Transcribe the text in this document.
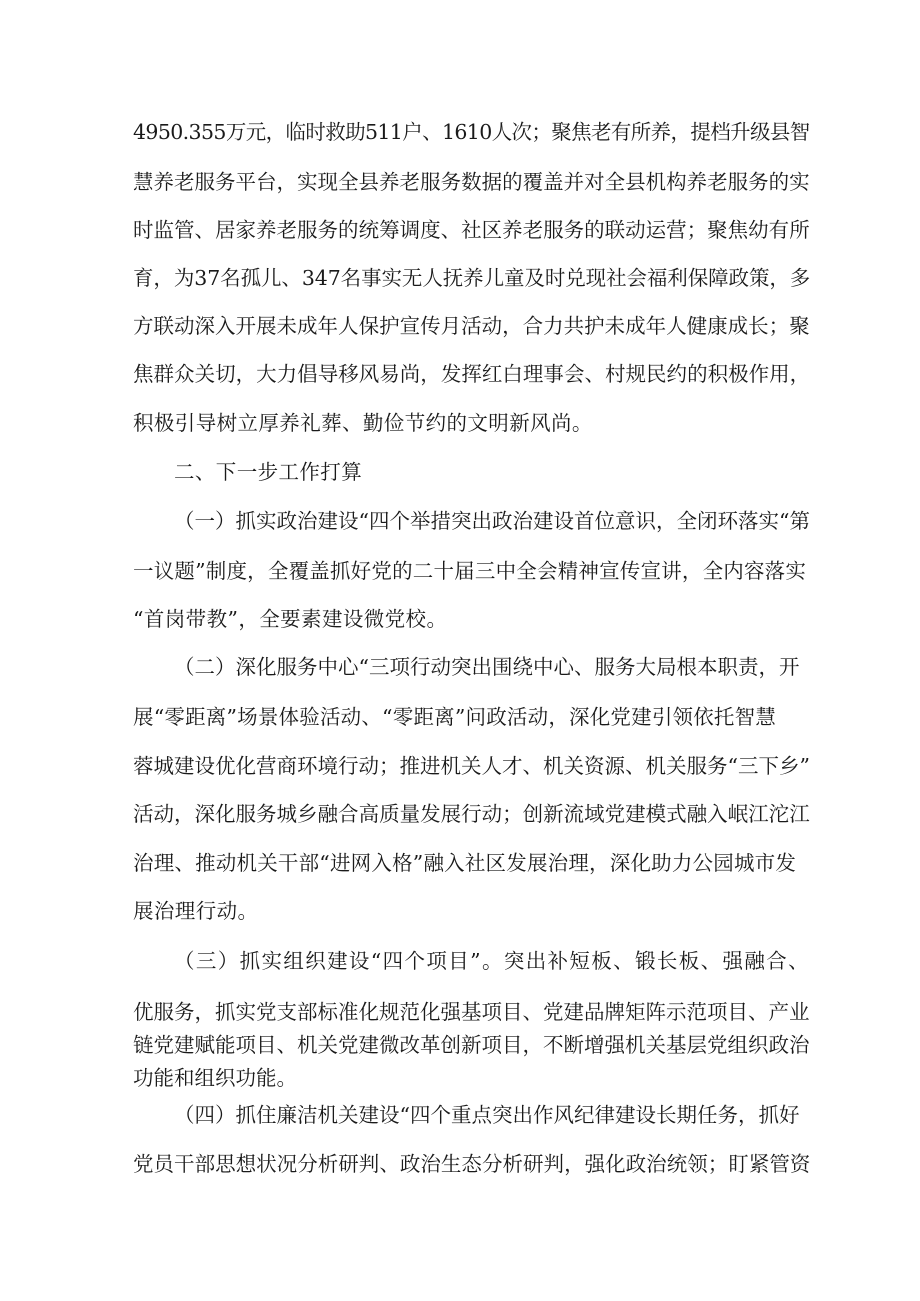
4950.355万元，临时救助511户、1610人次；聚焦老有所养，提档升级县智
慧养老服务平台，实现全县养老服务数据的覆盖并对全县机构养老服务的实
时监管、居家养老服务的统筹调度、社区养老服务的联动运营；聚焦幼有所
育，为37名孤儿、347名事实无人抚养儿童及时兑现社会福利保障政策，多
方联动深入开展未成年人保护宣传月活动，合力共护未成年人健康成长；聚
焦群众关切，大力倡导移风易尚，发挥红白理事会、村规民约的积极作用，
积极引导树立厚养礼葬、勤俭节约的文明新风尚。
二、下一步工作打算
（一）抓实政治建设“四个举措突出政治建设首位意识，全闭环落实“第
一议题”制度，全覆盖抓好党的二十届三中全会精神宣传宣讲，全内容落实
“首岗带教”，全要素建设微党校。
（二）深化服务中心“三项行动突出围绕中心、服务大局根本职责，开
展“零距离”场景体验活动、“零距离”问政活动，深化党建引领依托智慧
蓉城建设优化营商环境行动；推进机关人才、机关资源、机关服务“三下乡”
活动，深化服务城乡融合高质量发展行动；创新流域党建模式融入岷江沱江
治理、推动机关干部“进网入格”融入社区发展治理，深化助力公园城市发
展治理行动。
（三）抓实组织建设“四个项目”。突出补短板、锻长板、强融合、
优服务，抓实党支部标准化规范化强基项目、党建品牌矩阵示范项目、产业
链党建赋能项目、机关党建微改革创新项目，不断增强机关基层党组织政治
功能和组织功能。
（四）抓住廉洁机关建设“四个重点突出作风纪律建设长期任务，抓好
党员干部思想状况分析研判、政治生态分析研判，强化政治统领；盯紧管资
